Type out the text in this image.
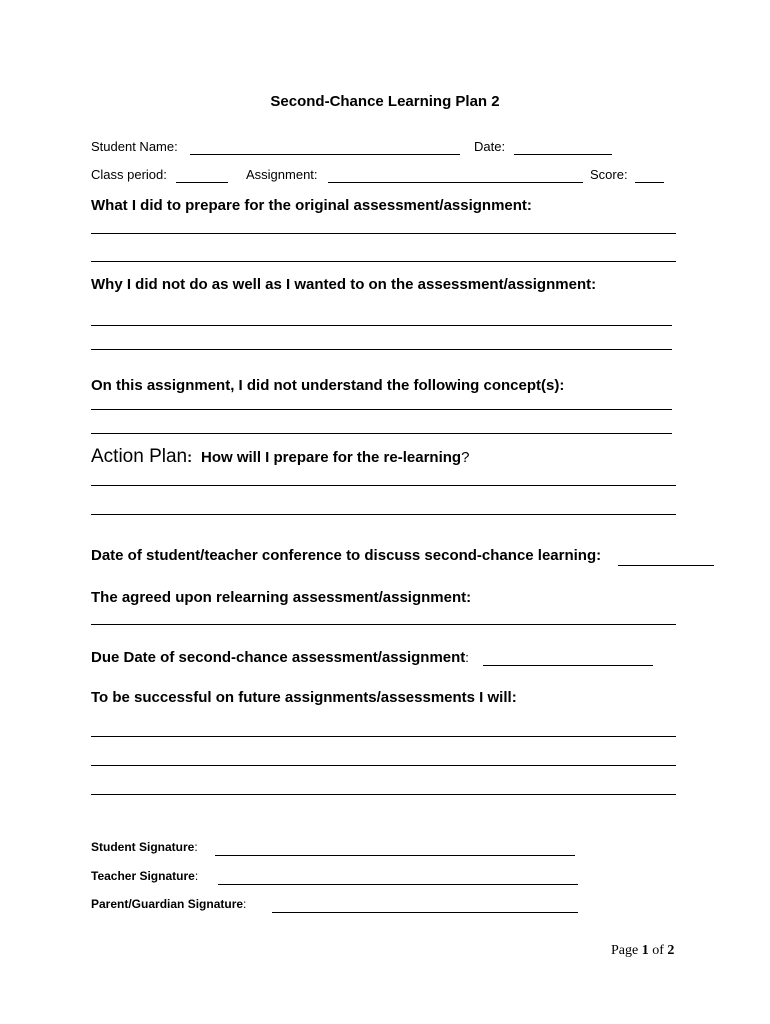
Second-Chance Learning Plan 2
Student Name:	Date:
Class period:	Assignment:	Score:
What I did to prepare for the original assessment/assignment:
Why I did not do as well as I wanted to on the assessment/assignment:
On this assignment, I did not understand the following concept(s):
Action Plan: How will I prepare for the re-learning?
Date of student/teacher conference to discuss second-chance learning:
The agreed upon relearning assessment/assignment:
Due Date of second-chance assessment/assignment:
To be successful on future assignments/assessments I will:
Student Signature:
Teacher Signature:
Parent/Guardian Signature:
Page 1 of 2
